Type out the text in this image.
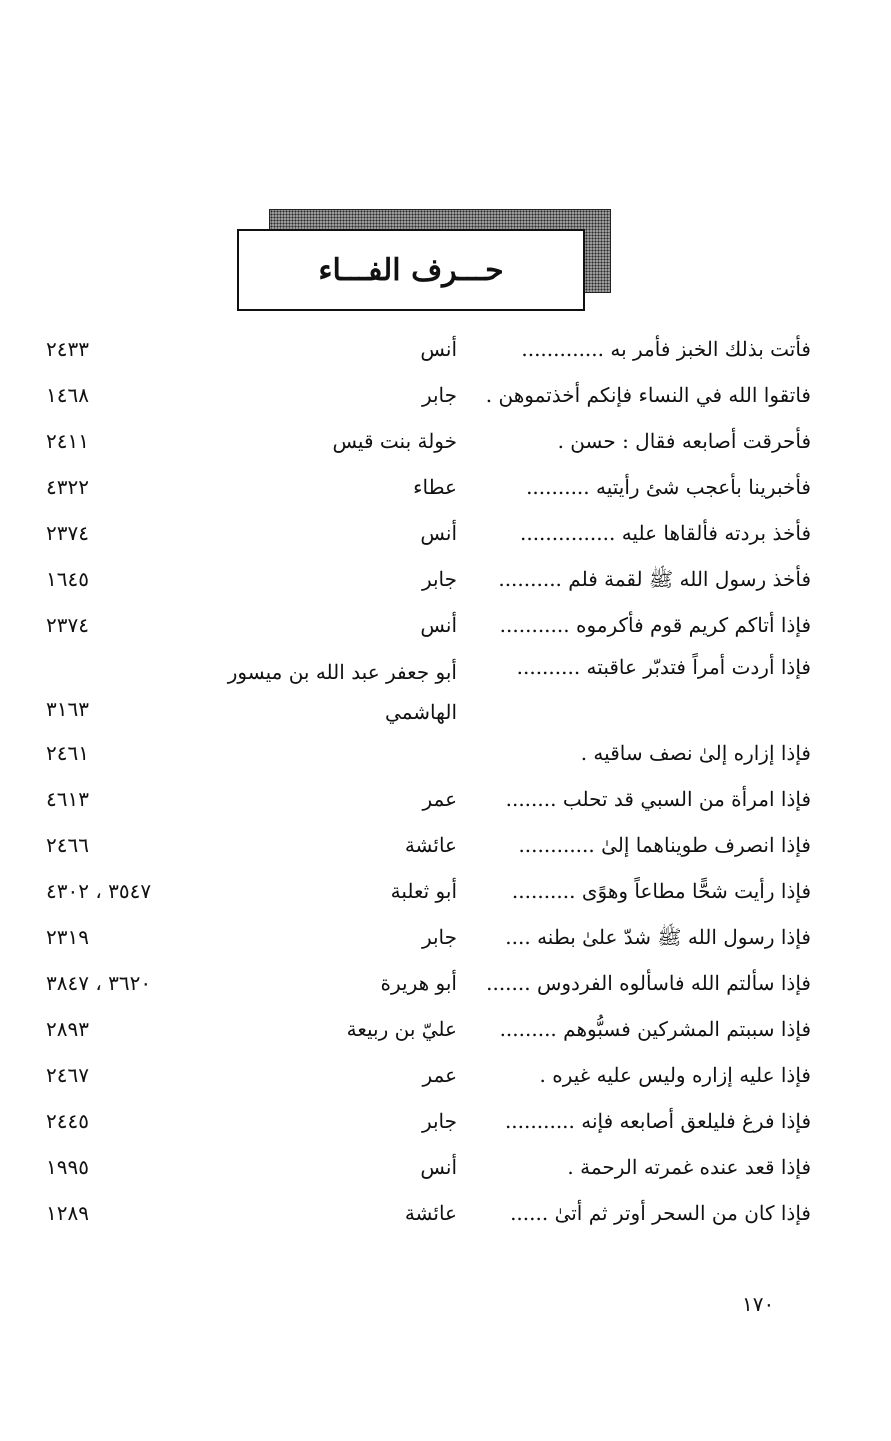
حـــرف الفـــاء
فأتت بذلك الخبز فأمر به .............
أنس
٢٤٣٣
فاتقوا الله في النساء فإنكم أخذتموهن .
جابر
١٤٦٨
فأحرقت أصابعه فقال : حسن .
خولة بنت قيس
٢٤١١
فأخبرينا بأعجب شئ رأيتيه ..........
عطاء
٤٣٢٢
فأخذ بردته فألقاها عليه ...............
أنس
٢٣٧٤
فأخذ رسول الله ﷺ لقمة فلم ..........
جابر
١٦٤٥
فإذا أتاكم كريم قوم فأكرموه ...........
أنس
٢٣٧٤
فإذا أردت أمراً فتدبّر عاقبته ..........
أبو جعفر عبد الله بن ميسور الهاشمي
٣١٦٣
فإذا إزاره إلىٰ نصف ساقيه .
٢٤٦١
فإذا امرأة من السبي قد تحلب ........
عمر
٤٦١٣
فإذا انصرف طويناهما إلىٰ ............
عائشة
٢٤٦٦
فإذا رأيت شحًّا مطاعاً وهوًى ..........
أبو ثعلبة
٣٥٤٧ ، ٤٣٠٢
فإذا رسول الله ﷺ شدّ علىٰ بطنه ....
جابر
٢٣١٩
فإذا سألتم الله فاسألوه الفردوس .......
أبو هريرة
٣٦٢٠ ، ٣٨٤٧
فإذا سببتم المشركين فسبُّوهم .........
عليّ بن ربيعة
٢٨٩٣
فإذا عليه إزاره وليس عليه غيره .
عمر
٢٤٦٧
فإذا فرغ فليلعق أصابعه فإنه ...........
جابر
٢٤٤٥
فإذا قعد عنده غمرته الرحمة .
أنس
١٩٩٥
فإذا كان من السحر أوتر ثم أتىٰ ......
عائشة
١٢٨٩
١٧٠
